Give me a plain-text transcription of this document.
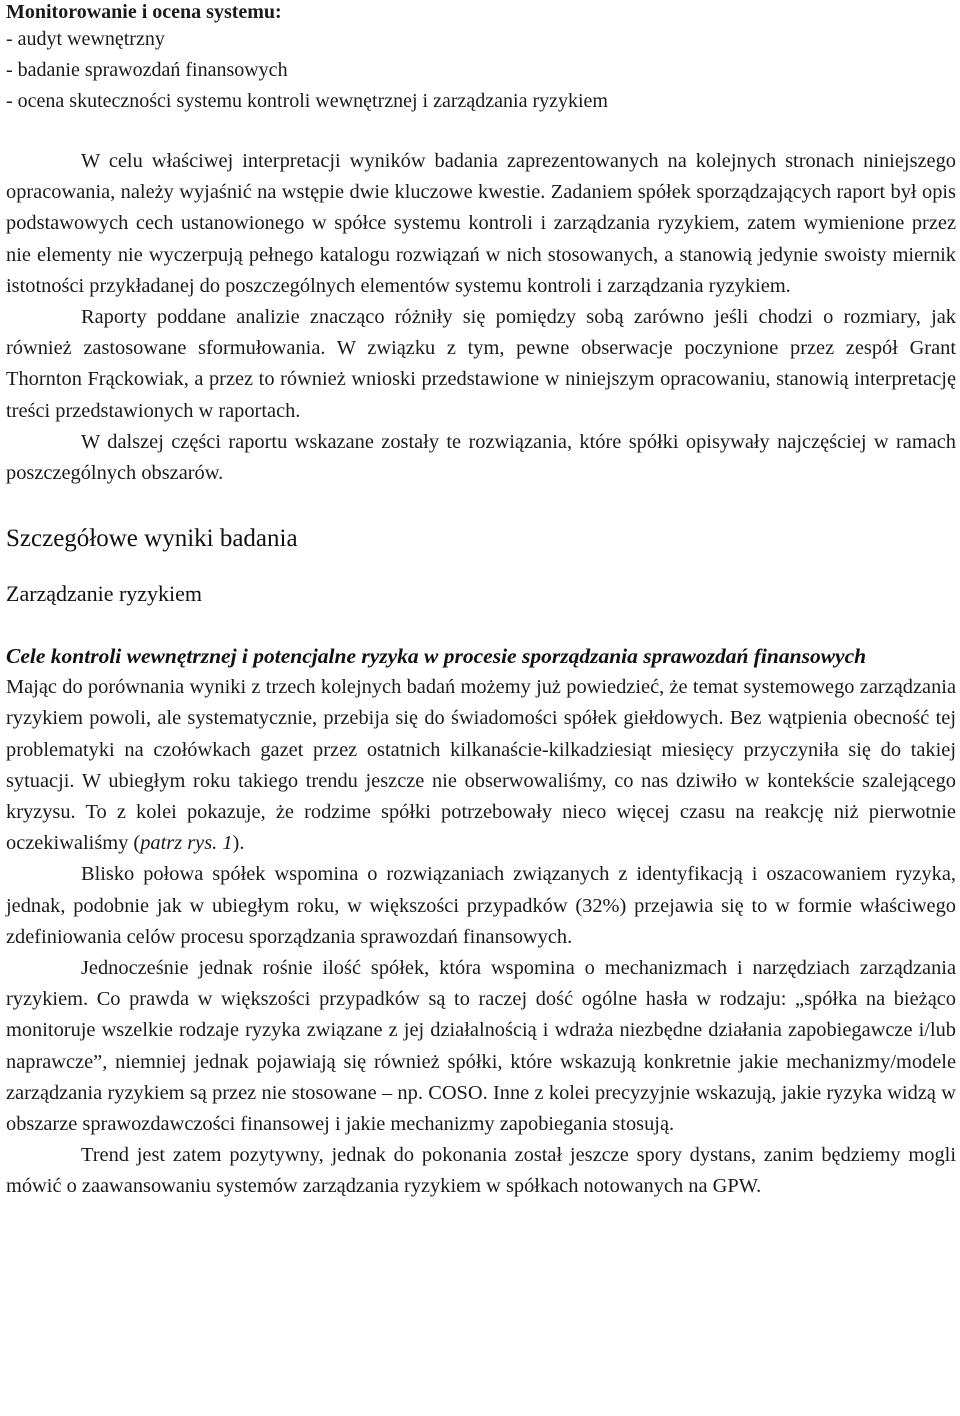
Monitorowanie i ocena systemu:
- audyt wewnętrzny
- badanie sprawozdań finansowych
- ocena skuteczności systemu kontroli wewnętrznej i zarządzania ryzykiem

W celu właściwej interpretacji wyników badania zaprezentowanych na kolejnych stronach niniejszego opracowania, należy wyjaśnić na wstępie dwie kluczowe kwestie. Zadaniem spółek sporządzających raport był opis podstawowych cech ustanowionego w spółce systemu kontroli i zarządzania ryzykiem, zatem wymienione przez nie elementy nie wyczerpują pełnego katalogu rozwiązań w nich stosowanych, a stanowią jedynie swoisty miernik istotności przykładanej do poszczególnych elementów systemu kontroli i zarządzania ryzykiem.

Raporty poddane analizie znacząco różniły się pomiędzy sobą zarówno jeśli chodzi o rozmiary, jak również zastosowane sformułowania. W związku z tym, pewne obserwacje poczynione przez zespół Grant Thornton Frąckowiak, a przez to również wnioski przedstawione w niniejszym opracowaniu, stanowią interpretację treści przedstawionych w raportach.

W dalszej części raportu wskazane zostały te rozwiązania, które spółki opisywały najczęściej w ramach poszczególnych obszarów.

Szczegółowe wyniki badania
Zarządzanie ryzykiem
Cele kontroli wewnętrznej i potencjalne ryzyka w procesie sporządzania sprawozdań finansowych

Mając do porównania wyniki z trzech kolejnych badań możemy już powiedzieć, że temat systemowego zarządzania ryzykiem powoli, ale systematycznie, przebija się do świadomości spółek giełdowych. Bez wątpienia obecność tej problematyki na czołówkach gazet przez ostatnich kilkanaście-kilkadziesiąt miesięcy przyczyniła się do takiej sytuacji. W ubiegłym roku takiego trendu jeszcze nie obserwowaliśmy, co nas dziwiło w kontekście szalejącego kryzysu. To z kolei pokazuje, że rodzime spółki potrzebowały nieco więcej czasu na reakcję niż pierwotnie oczekiwaliśmy (patrz rys. 1).

Blisko połowa spółek wspomina o rozwiązaniach związanych z identyfikacją i oszacowaniem ryzyka, jednak, podobnie jak w ubiegłym roku, w większości przypadków (32%) przejawia się to w formie właściwego zdefiniowania celów procesu sporządzania sprawozdań finansowych.

Jednocześnie jednak rośnie ilość spółek, która wspomina o mechanizmach i narzędziach zarządzania ryzykiem. Co prawda w większości przypadków są to raczej dość ogólne hasła w rodzaju: „spółka na bieżąco monitoruje wszelkie rodzaje ryzyka związane z jej działalnością i wdraża niezbędne działania zapobiegawcze i/lub naprawcze”, niemniej jednak pojawiają się również spółki, które wskazują konkretnie jakie mechanizmy/modele zarządzania ryzykiem są przez nie stosowane – np. COSO. Inne z kolei precyzyjnie wskazują, jakie ryzyka widzą w obszarze sprawozdawczości finansowej i jakie mechanizmy zapobiegania stosują.

Trend jest zatem pozytywny, jednak do pokonania został jeszcze spory dystans, zanim będziemy mogli mówić o zaawansowaniu systemów zarządzania ryzykiem w spółkach notowanych na GPW.
